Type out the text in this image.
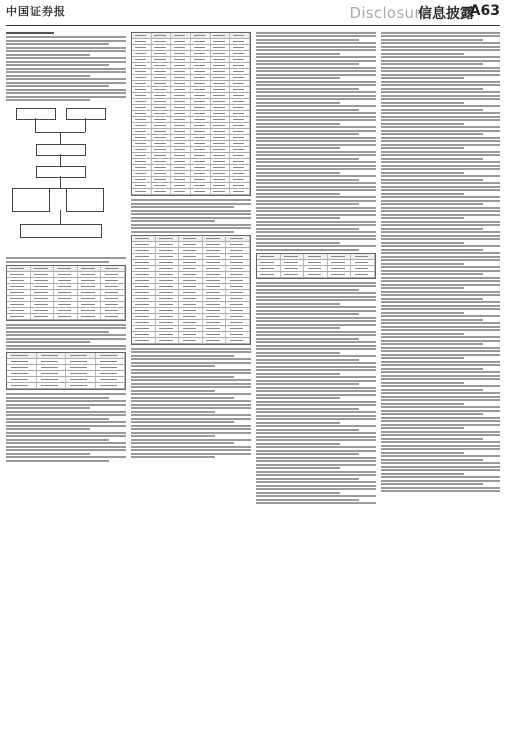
中国证券报	Disclosure
信息披露
A63
